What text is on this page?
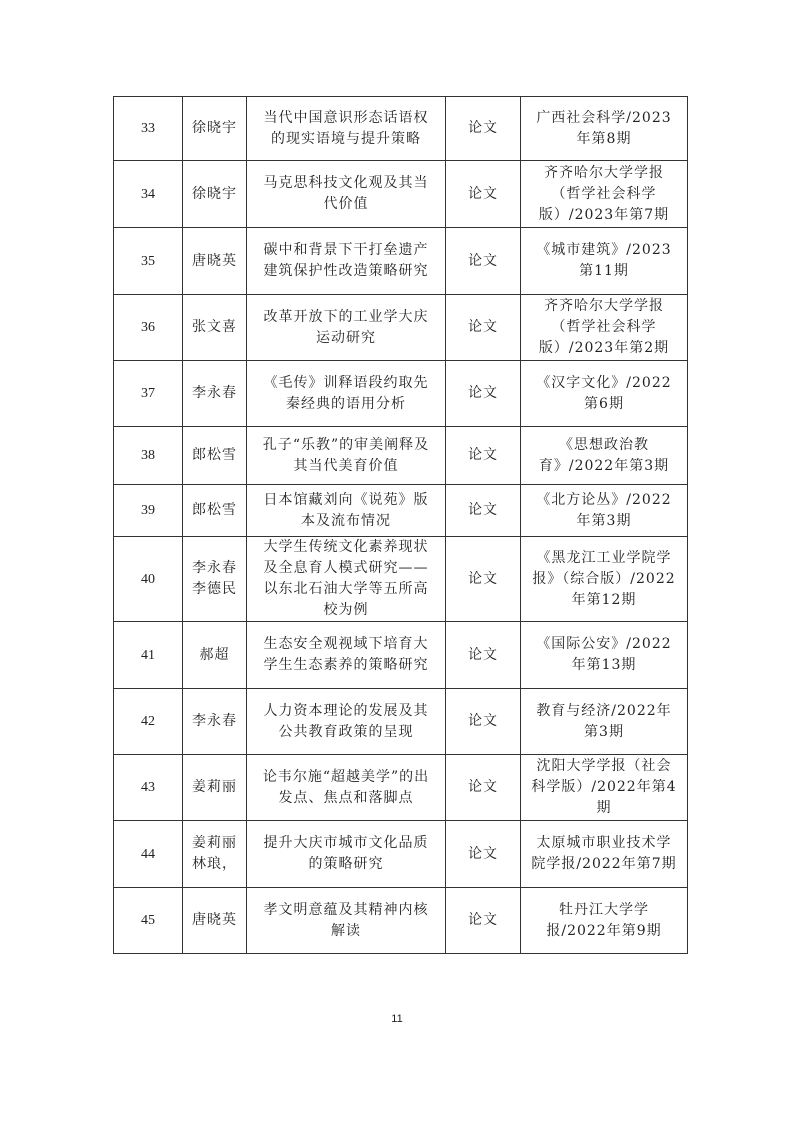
33	徐晓宇	当代中国意识形态话语权的现实语境与提升策略	论文	广西社会科学/2023年第8期
34	徐晓宇	马克思科技文化观及其当代价值	论文	齐齐哈尔大学学报（哲学社会科学版）/2023年第7期
35	唐晓英	碳中和背景下干打垒遗产建筑保护性改造策略研究	论文	《城市建筑》/2023第11期
36	张文喜	改革开放下的工业学大庆运动研究	论文	齐齐哈尔大学学报（哲学社会科学版）/2023年第2期
37	李永春	《毛传》训释语段约取先秦经典的语用分析	论文	《汉字文化》/2022第6期
38	郎松雪	孔子“乐教”的审美阐释及其当代美育价值	论文	《思想政治教育》/2022年第3期
39	郎松雪	日本馆藏刘向《说苑》版本及流布情况	论文	《北方论丛》/2022年第3期
40	李永春李德民	大学生传统文化素养现状及全息育人模式研究——以东北石油大学等五所高校为例	论文	《黑龙江工业学院学报》（综合版）/2022年第12期
41	郝超	生态安全观视域下培育大学生生态素养的策略研究	论文	《国际公安》/2022年第13期
42	李永春	人力资本理论的发展及其公共教育政策的呈现	论文	教育与经济/2022年第3期
43	姜莉丽	论韦尔施“超越美学”的出发点、焦点和落脚点	论文	沈阳大学学报（社会科学版）/2022年第4期
44	姜莉丽林琅，	提升大庆市城市文化品质的策略研究	论文	太原城市职业技术学院学报/2022年第7期
45	唐晓英	孝文明意蕴及其精神内核解读	论文	牡丹江大学学报/2022年第9期
11
